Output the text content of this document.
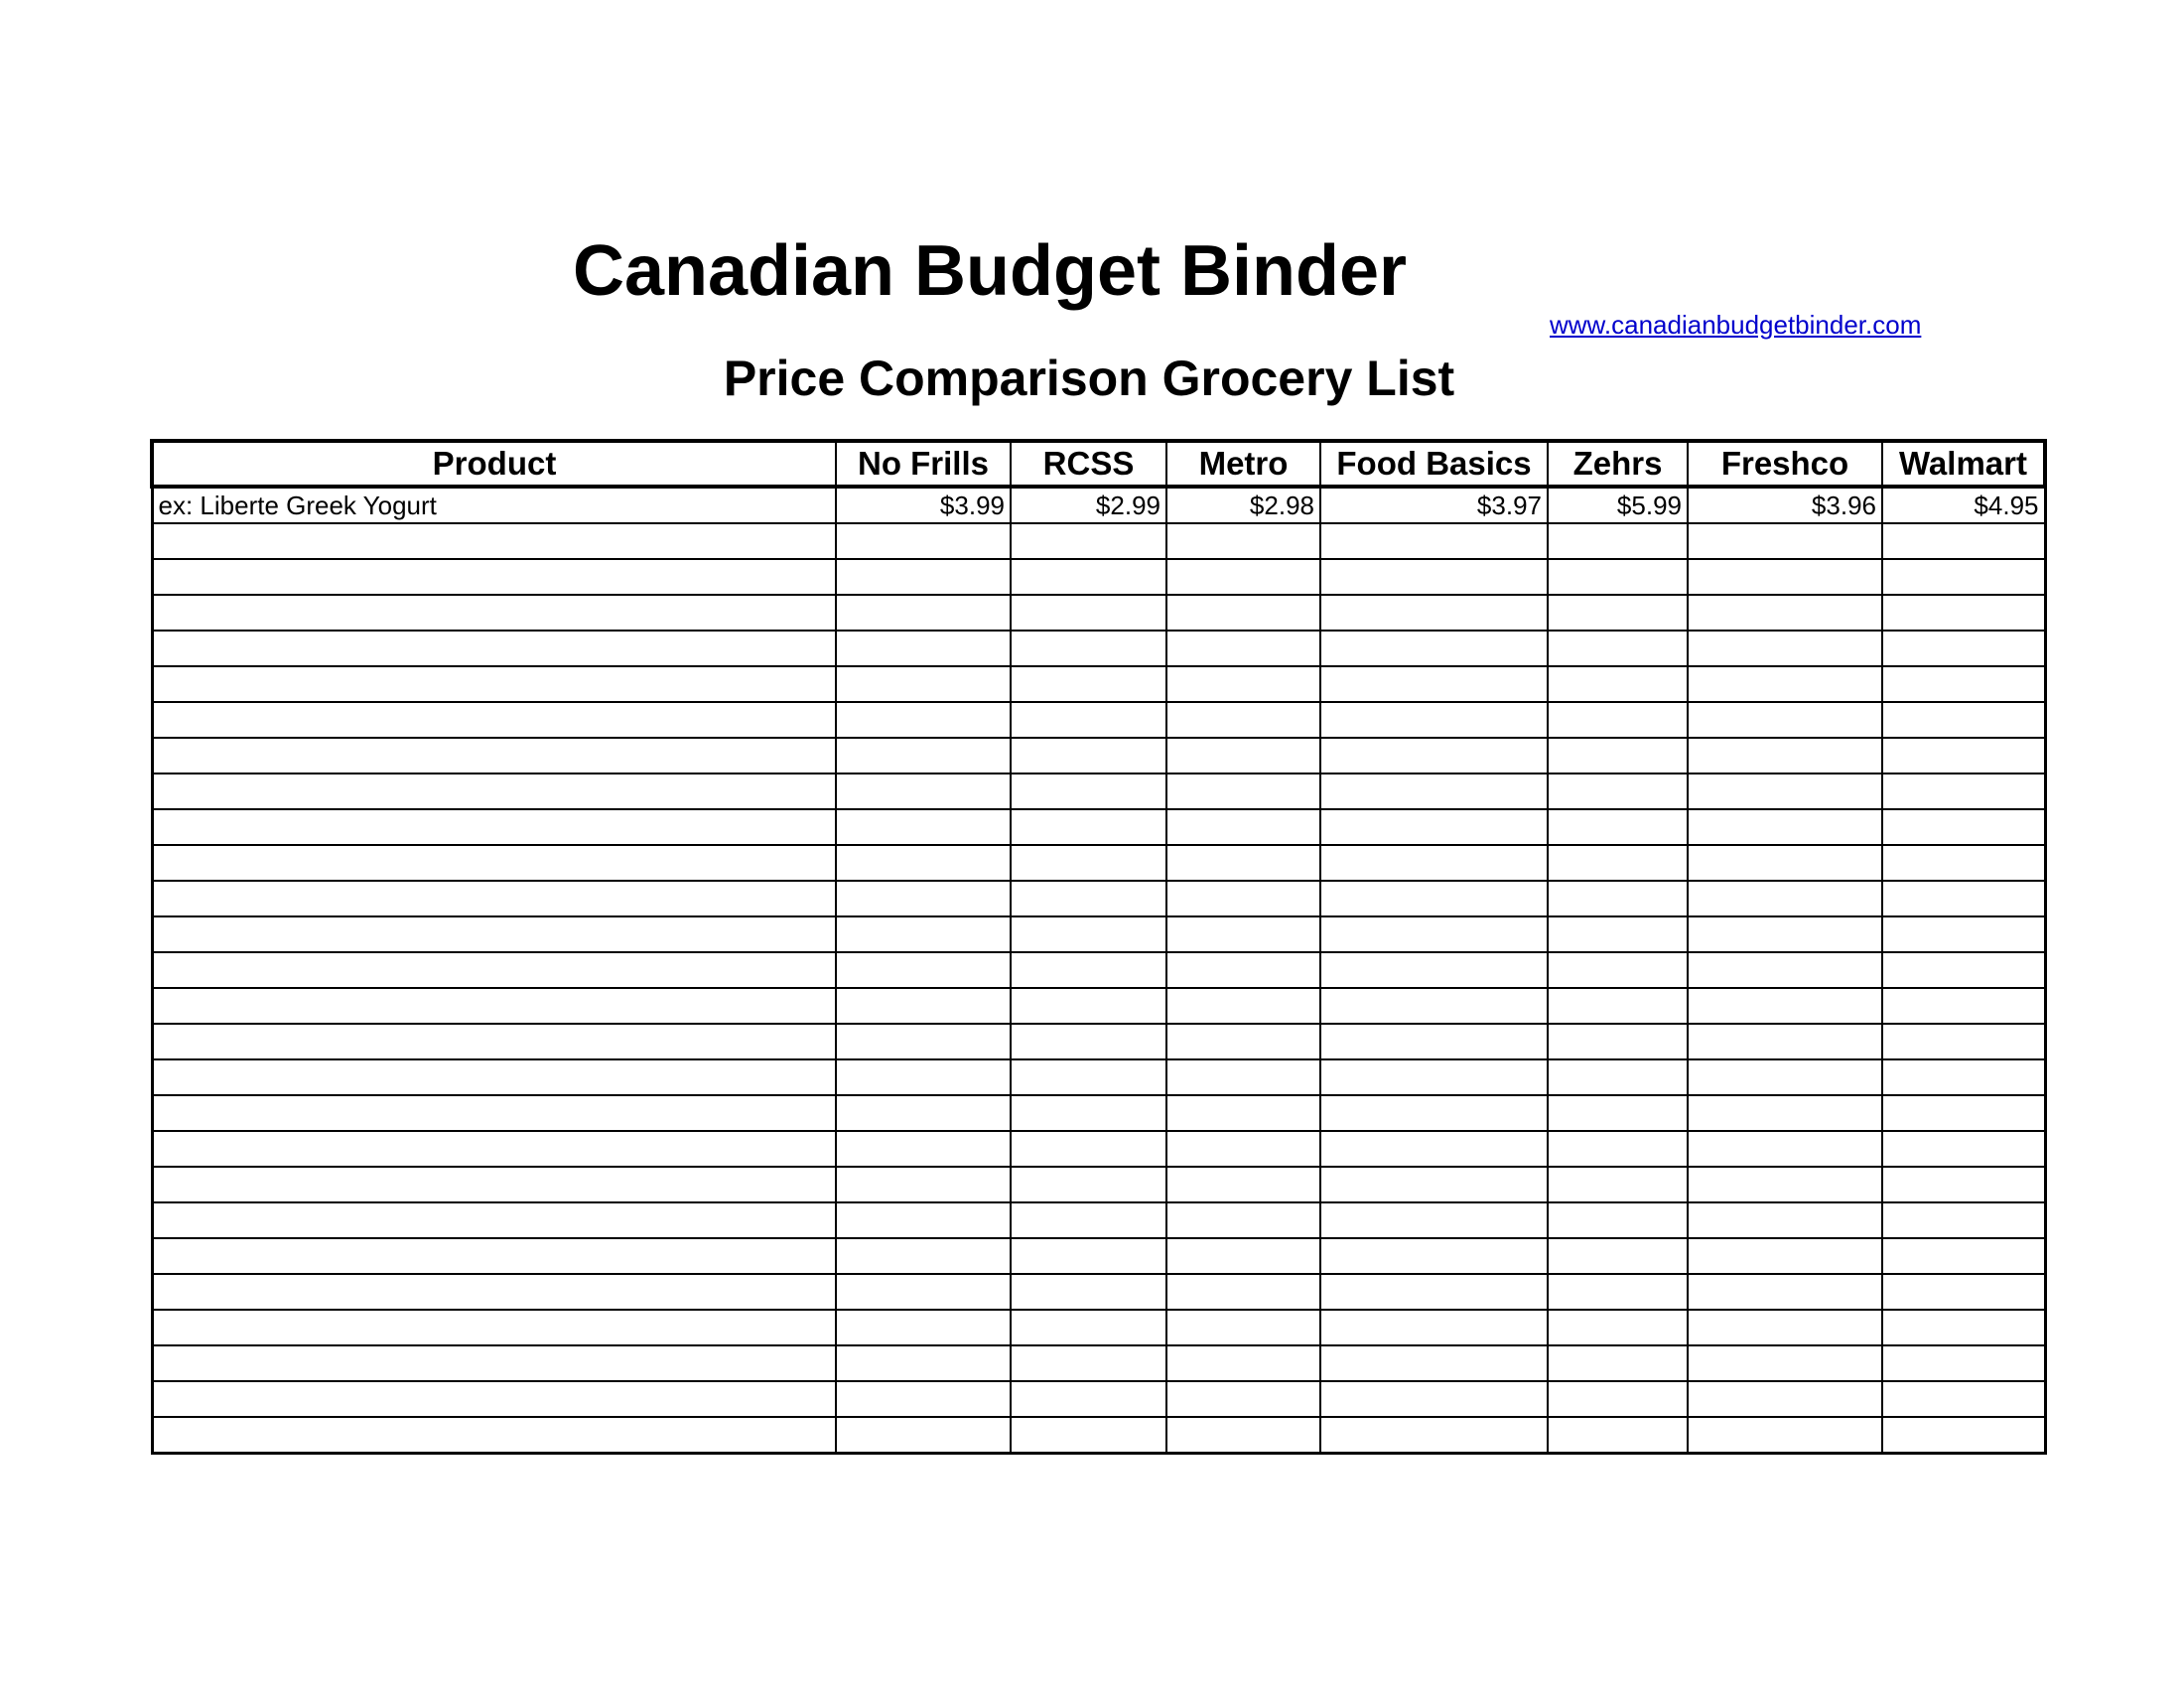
Canadian Budget Binder
www.canadianbudgetbinder.com
Price Comparison Grocery List
Product	No Frills	RCSS	Metro	Food Basics	Zehrs	Freshco	Walmart
ex: Liberte Greek Yogurt	$3.99	$2.99	$2.98	$3.97	$5.99	$3.96	$4.95
